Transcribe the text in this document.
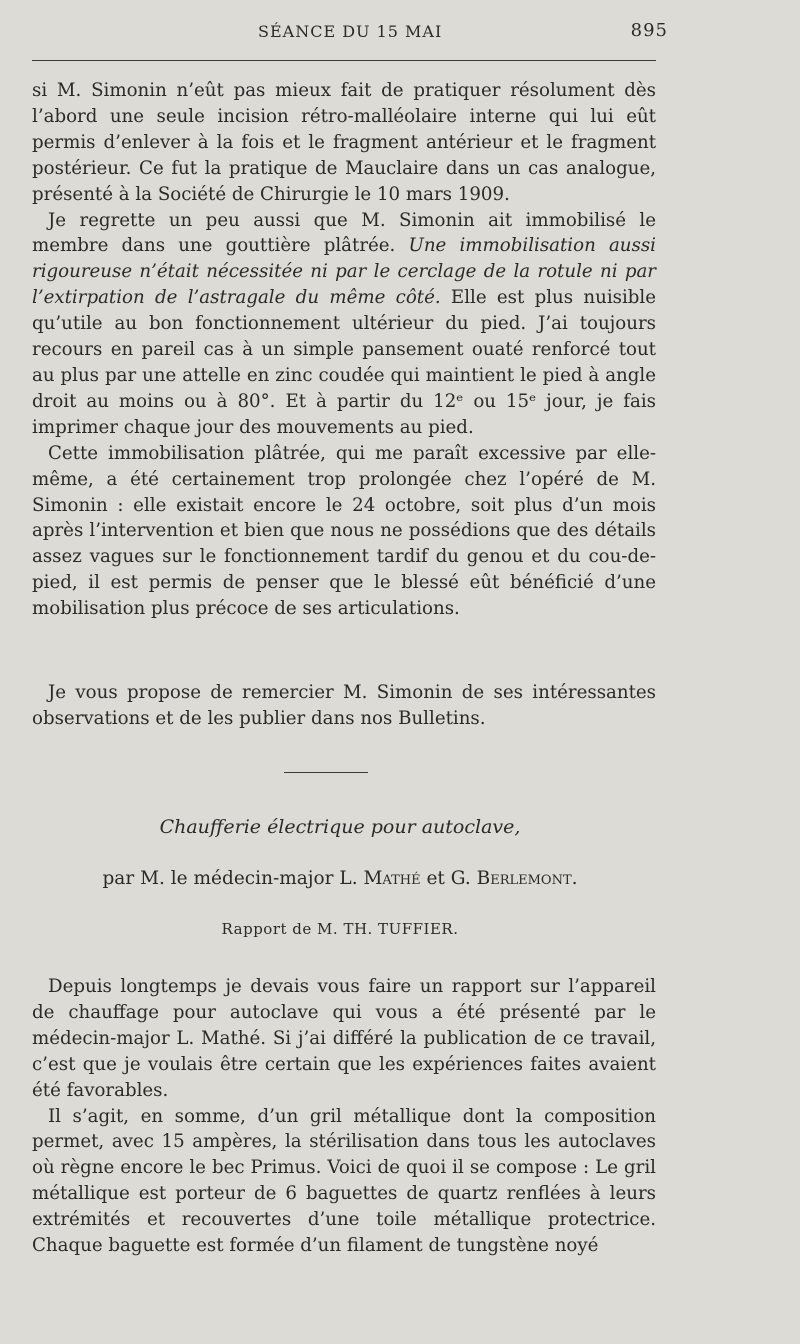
SÉANCE DU 15 MAI	895

si M. Simonin n’eût pas mieux fait de pratiquer résolument dès l’abord une seule incision rétro-malléolaire interne qui lui eût permis d’enlever à la fois et le fragment antérieur et le fragment postérieur. Ce fut la pratique de Mauclaire dans un cas analogue, présenté à la Société de Chirurgie le 10 mars 1909.

Je regrette un peu aussi que M. Simonin ait immobilisé le membre dans une gouttière plâtrée. Une immobilisation aussi rigoureuse n’était nécessitée ni par le cerclage de la rotule ni par l’extirpation de l’astragale du même côté. Elle est plus nuisible qu’utile au bon fonctionnement ultérieur du pied. J’ai toujours recours en pareil cas à un simple pansement ouaté renforcé tout au plus par une attelle en zinc coudée qui maintient le pied à angle droit au moins ou à 80°. Et à partir du 12ᵉ ou 15ᵉ jour, je fais imprimer chaque jour des mouvements au pied.

Cette immobilisation plâtrée, qui me paraît excessive par elle-même, a été certainement trop prolongée chez l’opéré de M. Simonin : elle existait encore le 24 octobre, soit plus d’un mois après l’intervention et bien que nous ne possédions que des détails assez vagues sur le fonctionnement tardif du genou et du cou-de-pied, il est permis de penser que le blessé eût bénéficié d’une mobilisation plus précoce de ses articulations.

Je vous propose de remercier M. Simonin de ses intéressantes observations et de les publier dans nos Bulletins.

Chaufferie électrique pour autoclave,
par M. le médecin-major L. Mathé et G. Berlemont.
Rapport de M. TH. TUFFIER.

Depuis longtemps je devais vous faire un rapport sur l’appareil de chauffage pour autoclave qui vous a été présenté par le médecin-major L. Mathé. Si j’ai différé la publication de ce travail, c’est que je voulais être certain que les expériences faites avaient été favorables.

Il s’agit, en somme, d’un gril métallique dont la composition permet, avec 15 ampères, la stérilisation dans tous les autoclaves où règne encore le bec Primus. Voici de quoi il se compose : Le gril métallique est porteur de 6 baguettes de quartz renflées à leurs extrémités et recouvertes d’une toile métallique protectrice. Chaque baguette est formée d’un filament de tungstène noyé
